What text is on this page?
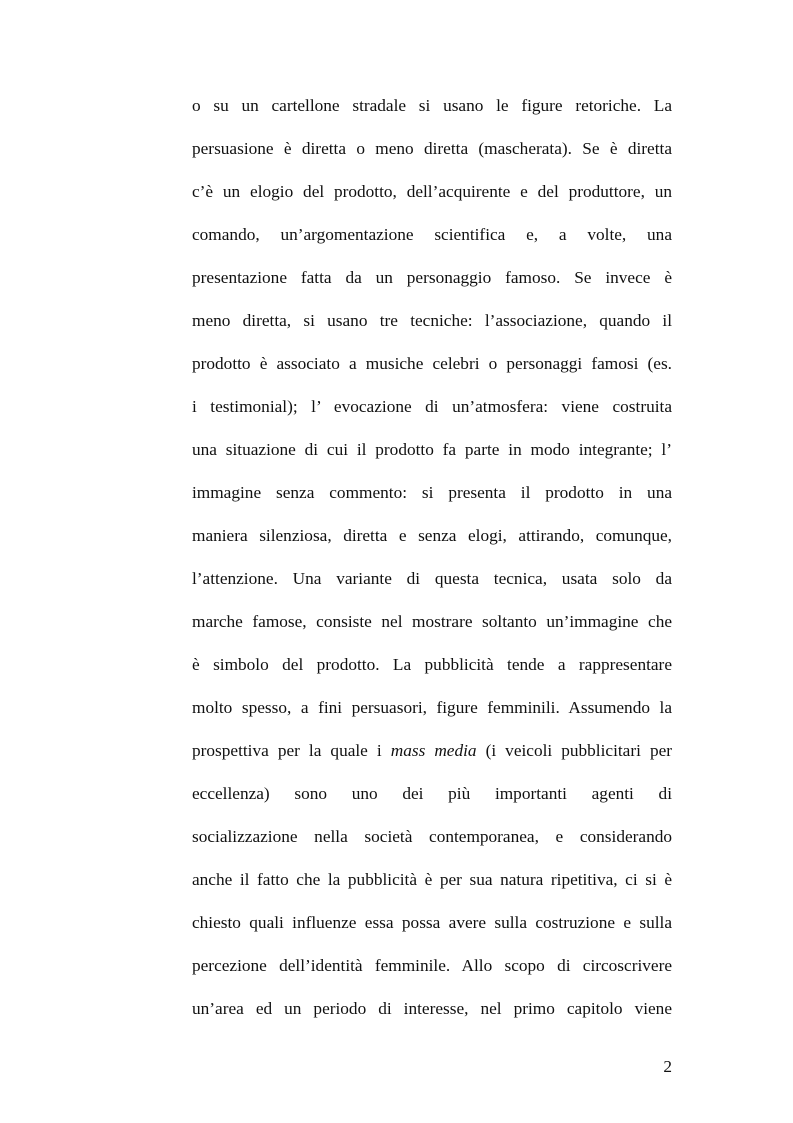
o su un cartellone stradale si usano le figure retoriche. La
persuasione è diretta o meno diretta (mascherata). Se è diretta
c’è un elogio del prodotto, dell’acquirente e del produttore, un
comando, un’argomentazione scientifica e, a volte, una
presentazione fatta da un personaggio famoso. Se invece è
meno diretta, si usano tre tecniche: l’associazione, quando il
prodotto è associato a musiche celebri o personaggi famosi (es.
i testimonial); l’ evocazione di un’atmosfera: viene costruita
una situazione di cui il prodotto fa parte in modo integrante; l’
immagine senza commento: si presenta il prodotto in una
maniera silenziosa, diretta e senza elogi, attirando, comunque,
l’attenzione. Una variante di questa tecnica, usata solo da
marche famose, consiste nel mostrare soltanto un’immagine che
è simbolo del prodotto. La pubblicità tende a rappresentare
molto spesso, a fini persuasori, figure femminili. Assumendo la
prospettiva per la quale i mass media (i veicoli pubblicitari per
eccellenza) sono uno dei più importanti agenti di
socializzazione nella società contemporanea, e considerando
anche il fatto che la pubblicità è per sua natura ripetitiva, ci si è
chiesto quali influenze essa possa avere sulla costruzione e sulla
percezione dell’identità femminile. Allo scopo di circoscrivere
un’area ed un periodo di interesse, nel primo capitolo viene
2
